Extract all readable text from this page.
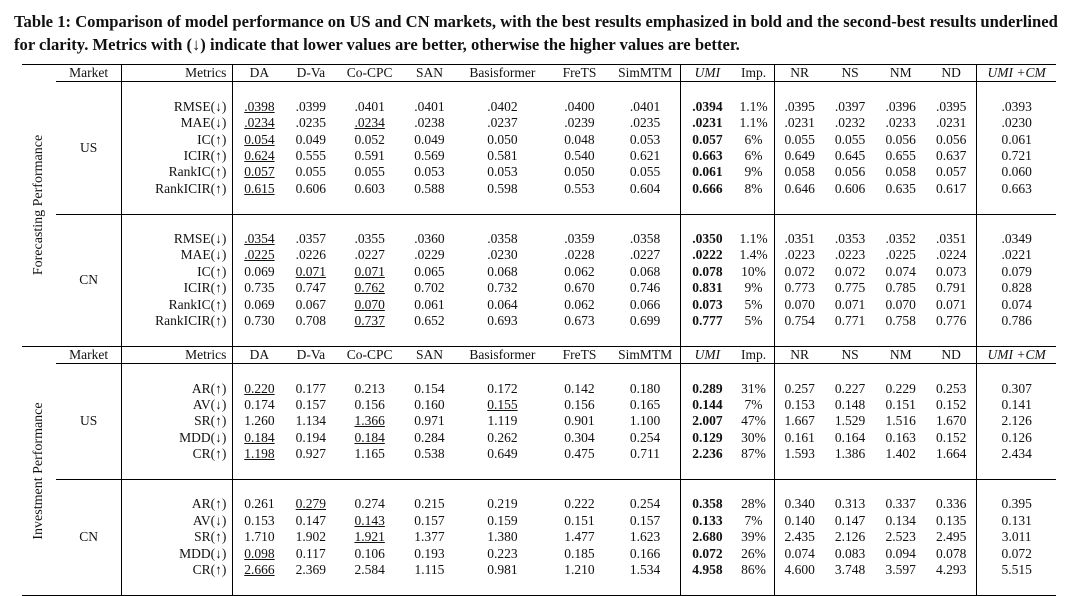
Table 1: Comparison of model performance on US and CN markets, with the best results emphasized in bold and the second-best results underlined for clarity. Metrics with (↓) indicate that lower values are better, otherwise the higher values are better.
Forecasting Performance	Market	Metrics	DA	D-Va	Co-CPC	SAN	Basisformer	FreTS	SimMTM	UMI	Imp.	NR	NS	NM	ND	UMI +CM
	US															
		RMSE(↓)	.0398	.0399	.0401	.0401	.0402	.0400	.0401	.0394	1.1%	.0395	.0397	.0396	.0395	.0393
		MAE(↓)	.0234	.0235	.0234	.0238	.0237	.0239	.0235	.0231	1.1%	.0231	.0232	.0233	.0231	.0230
		IC(↑)	0.054	0.049	0.052	0.049	0.050	0.048	0.053	0.057	6%	0.055	0.055	0.056	0.056	0.061
		ICIR(↑)	0.624	0.555	0.591	0.569	0.581	0.540	0.621	0.663	6%	0.649	0.645	0.655	0.637	0.721
		RankIC(↑)	0.057	0.055	0.055	0.053	0.053	0.050	0.055	0.061	9%	0.058	0.056	0.058	0.057	0.060
		RankICIR(↑)	0.615	0.606	0.603	0.588	0.598	0.553	0.604	0.666	8%	0.646	0.606	0.635	0.617	0.663

	CN															
		RMSE(↓)	.0354	.0357	.0355	.0360	.0358	.0359	.0358	.0350	1.1%	.0351	.0353	.0352	.0351	.0349
		MAE(↓)	.0225	.0226	.0227	.0229	.0230	.0228	.0227	.0222	1.4%	.0223	.0223	.0225	.0224	.0221
		IC(↑)	0.069	0.071	0.071	0.065	0.068	0.062	0.068	0.078	10%	0.072	0.072	0.074	0.073	0.079
		ICIR(↑)	0.735	0.747	0.762	0.702	0.732	0.670	0.746	0.831	9%	0.773	0.775	0.785	0.791	0.828
		RankIC(↑)	0.069	0.067	0.070	0.061	0.064	0.062	0.066	0.073	5%	0.070	0.071	0.070	0.071	0.074
		RankICIR(↑)	0.730	0.708	0.737	0.652	0.693	0.673	0.699	0.777	5%	0.754	0.771	0.758	0.776	0.786

Investment Performance	Market	Metrics	DA	D-Va	Co-CPC	SAN	Basisformer	FreTS	SimMTM	UMI	Imp.	NR	NS	NM	ND	UMI +CM
	US															
		AR(↑)	0.220	0.177	0.213	0.154	0.172	0.142	0.180	0.289	31%	0.257	0.227	0.229	0.253	0.307
		AV(↓)	0.174	0.157	0.156	0.160	0.155	0.156	0.165	0.144	7%	0.153	0.148	0.151	0.152	0.141
		SR(↑)	1.260	1.134	1.366	0.971	1.119	0.901	1.100	2.007	47%	1.667	1.529	1.516	1.670	2.126
		MDD(↓)	0.184	0.194	0.184	0.284	0.262	0.304	0.254	0.129	30%	0.161	0.164	0.163	0.152	0.126
		CR(↑)	1.198	0.927	1.165	0.538	0.649	0.475	0.711	2.236	87%	1.593	1.386	1.402	1.664	2.434

	CN															
		AR(↑)	0.261	0.279	0.274	0.215	0.219	0.222	0.254	0.358	28%	0.340	0.313	0.337	0.336	0.395
		AV(↓)	0.153	0.147	0.143	0.157	0.159	0.151	0.157	0.133	7%	0.140	0.147	0.134	0.135	0.131
		SR(↑)	1.710	1.902	1.921	1.377	1.380	1.477	1.623	2.680	39%	2.435	2.126	2.523	2.495	3.011
		MDD(↓)	0.098	0.117	0.106	0.193	0.223	0.185	0.166	0.072	26%	0.074	0.083	0.094	0.078	0.072
		CR(↑)	2.666	2.369	2.584	1.115	0.981	1.210	1.534	4.958	86%	4.600	3.748	3.597	4.293	5.515
